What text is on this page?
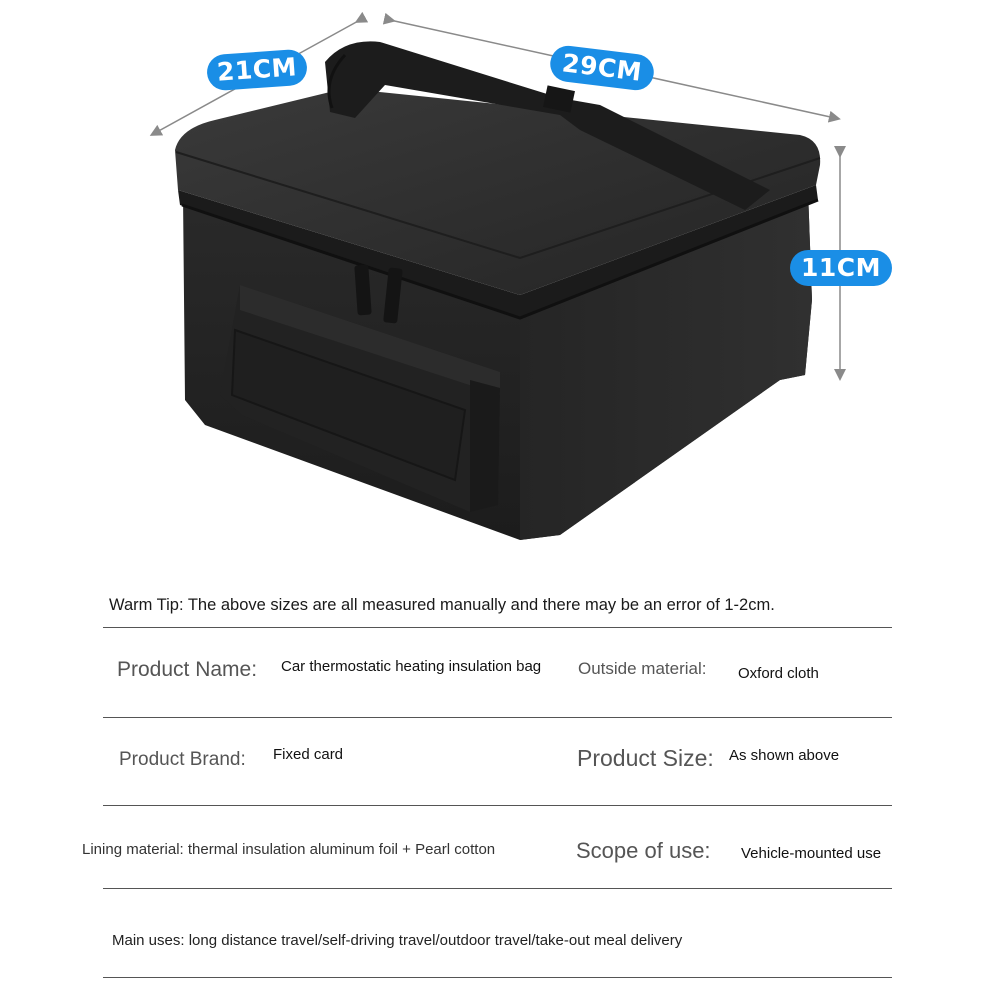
21CM	29CM
11CM
Warm Tip: The above sizes are all measured manually and there may be an error of 1-2cm.
Product Name: Car thermostatic heating insulation bag	Outside material: Oxford cloth
Product Brand: Fixed card	Product Size: As shown above
Lining material: thermal insulation aluminum foil + Pearl cotton	Scope of use: Vehicle-mounted use
Main uses: long distance travel/self-driving travel/outdoor travel/take-out meal delivery
